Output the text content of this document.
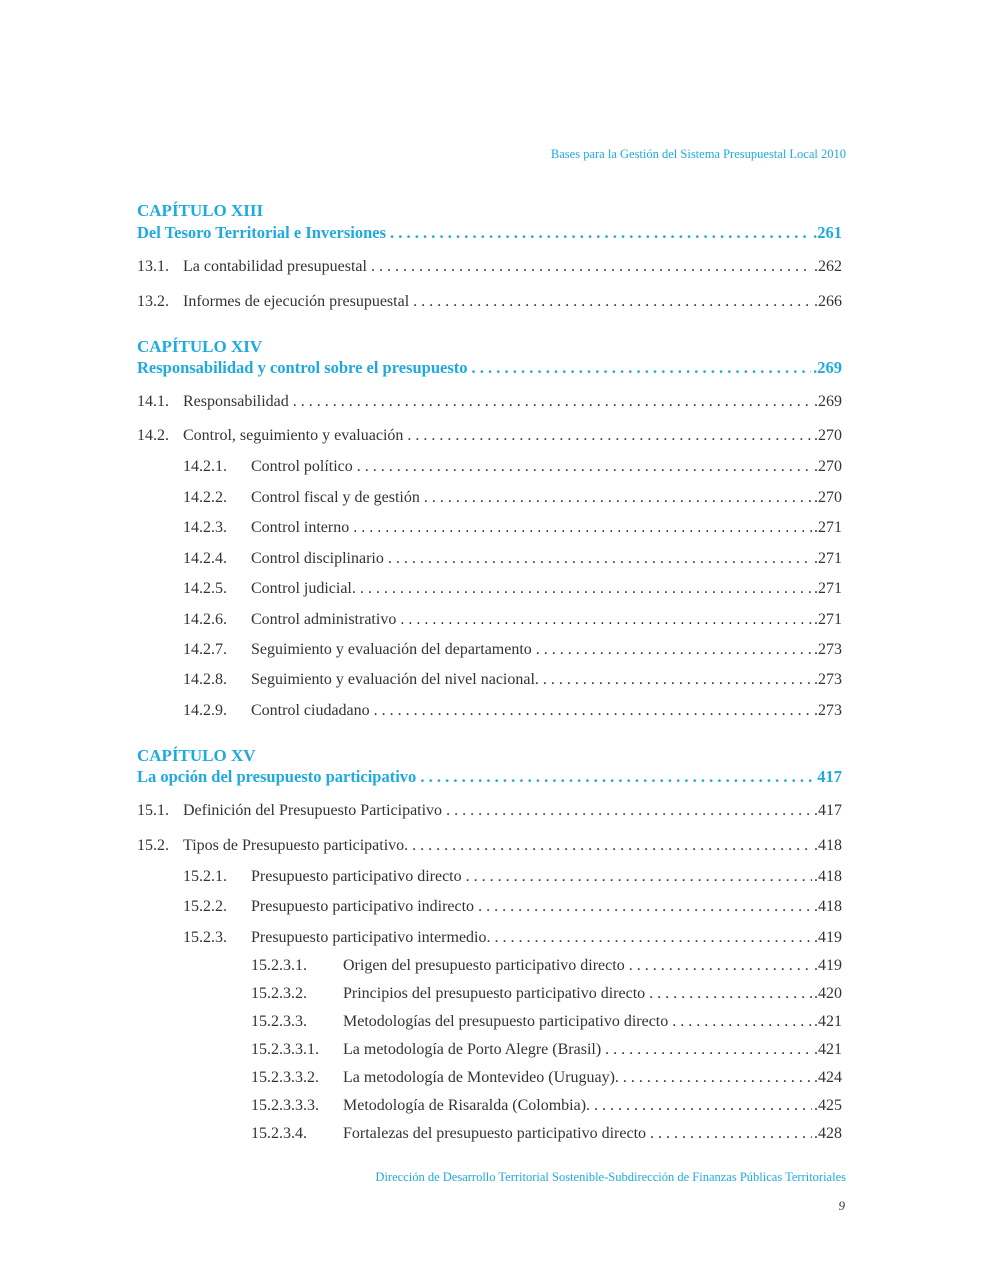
Bases para la Gestión del Sistema Presupuestal Local 2010
CAPÍTULO XIII
Del Tesoro Territorial e Inversiones . . .	.261
13.1. La contabilidad presupuestal . . .	.262
13.2. Informes de ejecución presupuestal . . .	.266
CAPÍTULO XIV
Responsabilidad y control sobre el presupuesto . . .	.269
14.1. Responsabilidad . . .	.269
14.2. Control, seguimiento y evaluación . . .	.270
14.2.1.	Control político . . .	.270
14.2.2.	Control fiscal y de gestión . . .	.270
14.2.3.	Control interno . . .	.271
14.2.4.	Control disciplinario . . .	.271
14.2.5.	Control judicial. . . .	.271
14.2.6.	Control administrativo . . .	.271
14.2.7.	Seguimiento y evaluación del departamento . . .	.273
14.2.8.	Seguimiento y evaluación del nivel nacional. . . .	.273
14.2.9.	Control ciudadano . . .	.273
CAPÍTULO XV
La opción del presupuesto participativo . . .	417
15.1. Definición del Presupuesto Participativo . . .	.417
15.2. Tipos de Presupuesto participativo. . . .	.418
15.2.1.	Presupuesto participativo directo . . .	.418
15.2.2.	Presupuesto participativo indirecto . . .	.418
15.2.3.	Presupuesto participativo intermedio. . . .	.419
15.2.3.1.	Origen del presupuesto participativo directo . . .	.419
15.2.3.2.	Principios del presupuesto participativo directo . . .	.420
15.2.3.3.	Metodologías del presupuesto participativo directo . . .	.421
15.2.3.3.1.	La metodología de Porto Alegre (Brasil) . . .	.421
15.2.3.3.2.	La metodología de Montevideo (Uruguay). . . .	.424
15.2.3.3.3.	Metodología de Risaralda (Colombia). . . .	.425
15.2.3.4.	Fortalezas del presupuesto participativo directo . . .	.428
Dirección de Desarrollo Territorial Sostenible-Subdirección de Finanzas Públicas Territoriales
9
